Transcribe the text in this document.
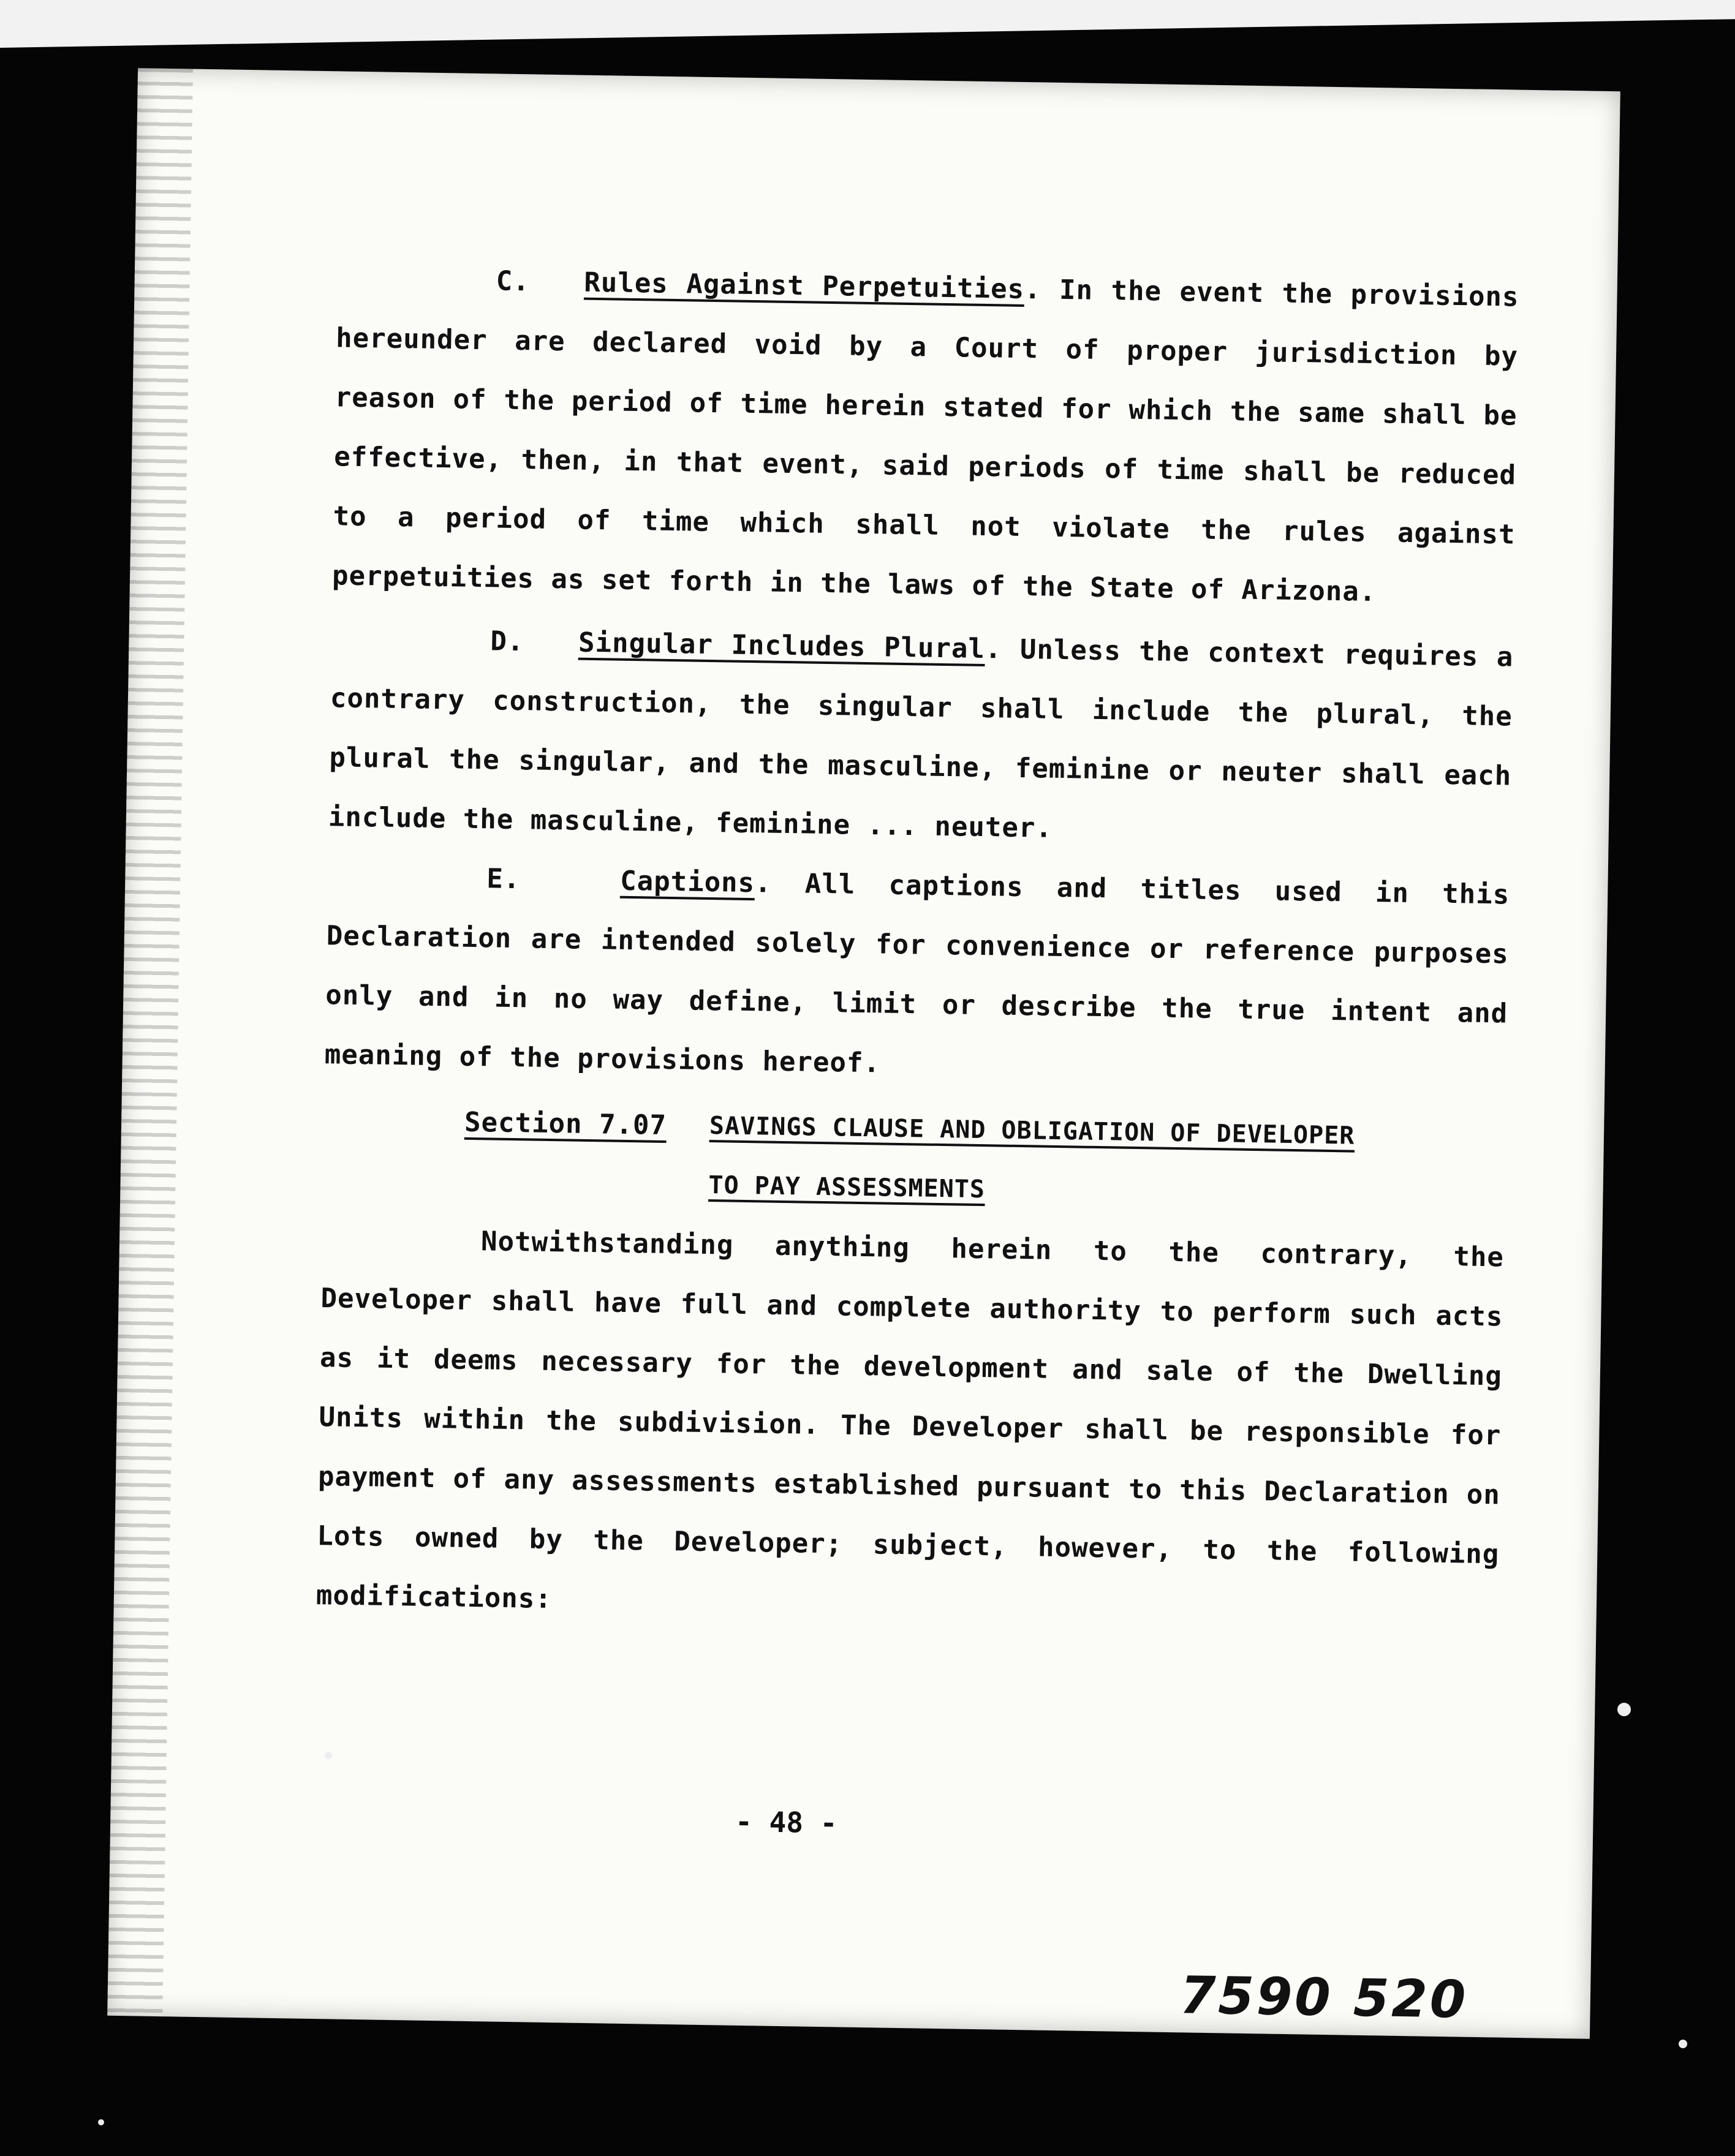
C. Rules Against Perpetuities. In the event the provisions hereunder are declared void by a Court of proper jurisdiction by reason of the period of time herein stated for which the same shall be effective, then, in that event, said periods of time shall be reduced to a period of time which shall not violate the rules against perpetuities as set forth in the laws of the State of Arizona.

D. Singular Includes Plural. Unless the context requires a contrary construction, the singular shall include the plural, the plural the singular, and the masculine, feminine or neuter shall each include the masculine, feminine ... neuter.

E.	Captions. All captions and titles used in this Declaration are intended solely for convenience or reference purposes only and in no way define, limit or describe the true intent and meaning of the provisions hereof.

Section 7.07 SAVINGS CLAUSE AND OBLIGATION OF DEVELOPER TO PAY ASSESSMENTS

Notwithstanding anything herein to the contrary, the Developer shall have full and complete authority to perform such acts as it deems necessary for the development and sale of the Dwelling Units within the subdivision. The Developer shall be responsible for payment of any assessments established pursuant to this Declaration on Lots owned by the Developer; subject, however, to the following modifications:

- 48 -
7590 520
